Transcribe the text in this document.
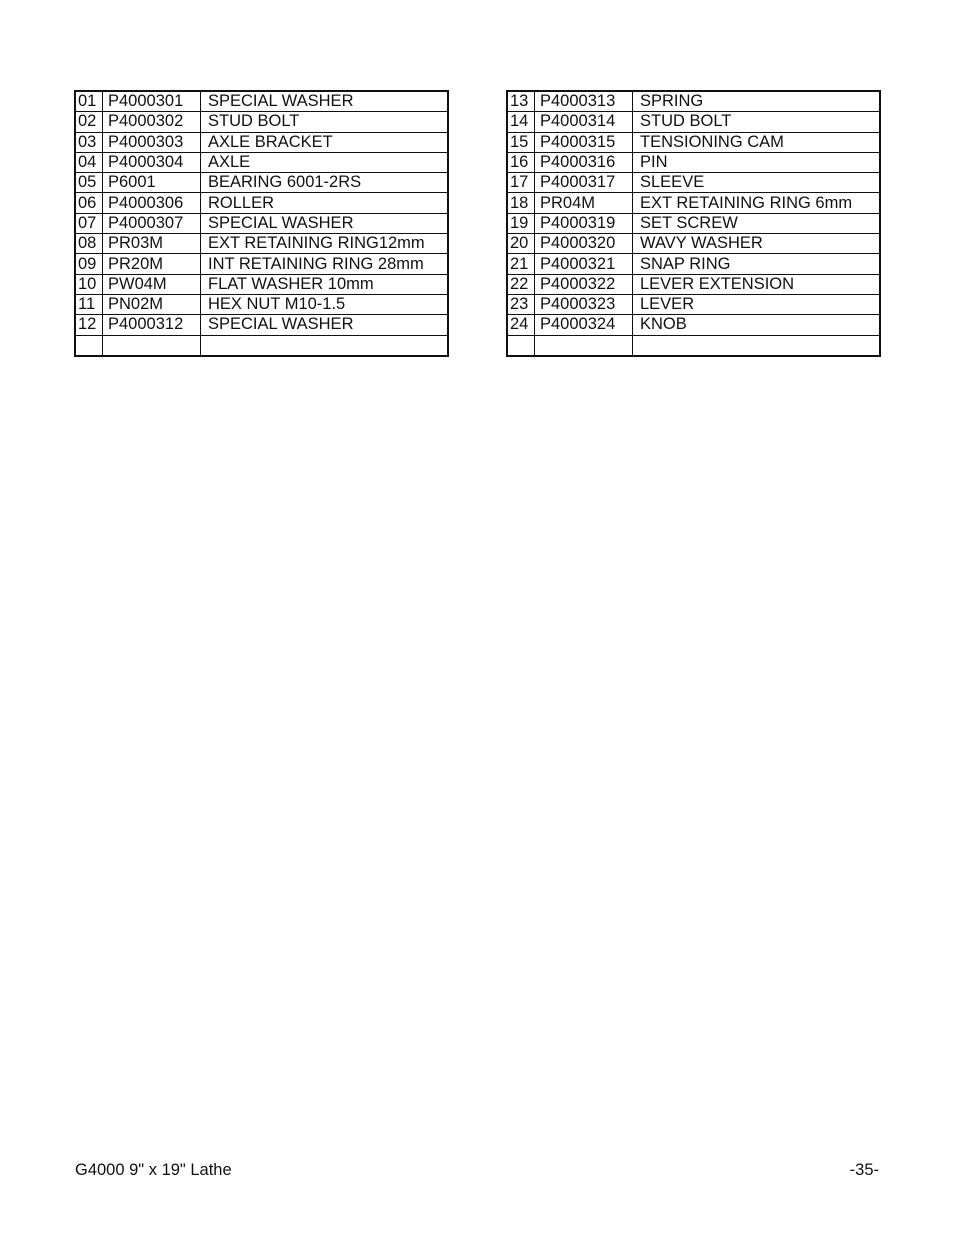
01	P4000301	SPECIAL WASHER
02	P4000302	STUD BOLT
03	P4000303	AXLE BRACKET
04	P4000304	AXLE
05	P6001	BEARING 6001-2RS
06	P4000306	ROLLER
07	P4000307	SPECIAL WASHER
08	PR03M	EXT RETAINING RING12mm
09	PR20M	INT RETAINING RING 28mm
10	PW04M	FLAT WASHER 10mm
11	PN02M	HEX NUT M10-1.5
12	P4000312	SPECIAL WASHER

13	P4000313	SPRING
14	P4000314	STUD BOLT
15	P4000315	TENSIONING CAM
16	P4000316	PIN
17	P4000317	SLEEVE
18	PR04M	EXT RETAINING RING 6mm
19	P4000319	SET SCREW
20	P4000320	WAVY WASHER
21	P4000321	SNAP RING
22	P4000322	LEVER EXTENSION
23	P4000323	LEVER
24	P4000324	KNOB

G4000 9" x 19" Lathe	-35-
